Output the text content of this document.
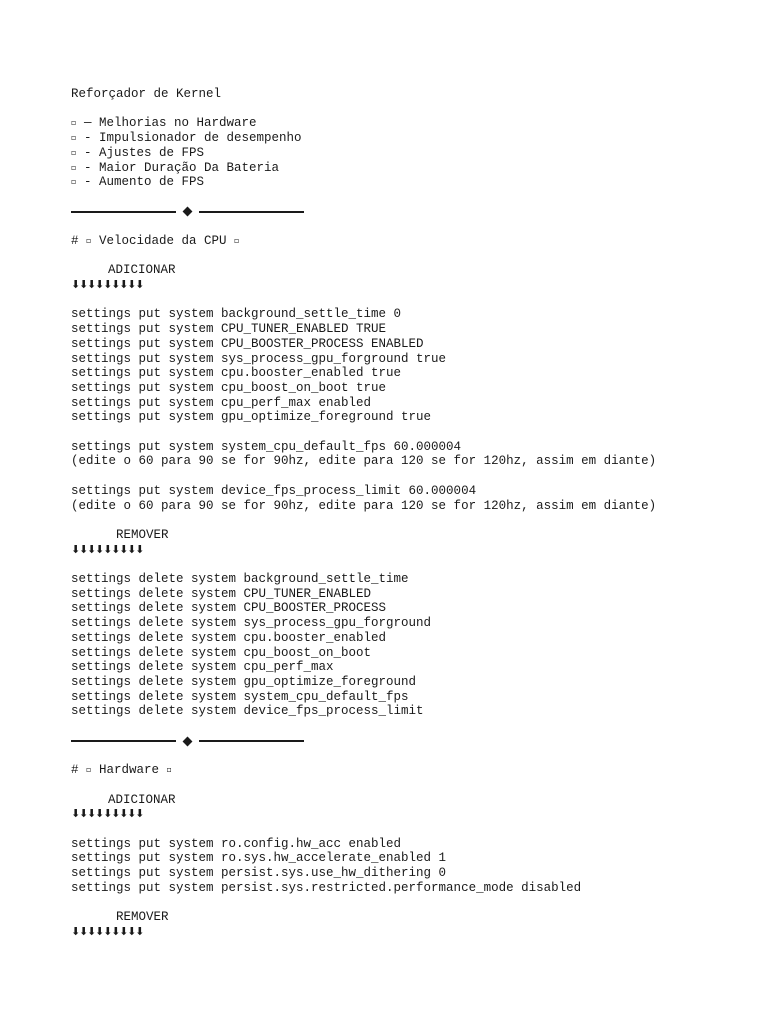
Reforçador de Kernel
▫ — Melhorias no Hardware
▫ - Impulsionador de desempenho
▫ - Ajustes de FPS
▫ - Maior Duração Da Bateria
▫ - Aumento de FPS
# ▫ Velocidade da CPU ▫
ADICIONAR
⬇⬇⬇⬇⬇⬇⬇⬇⬇
settings put system background_settle_time 0
settings put system CPU_TUNER_ENABLED TRUE
settings put system CPU_BOOSTER_PROCESS ENABLED
settings put system sys_process_gpu_forground true
settings put system cpu.booster_enabled true
settings put system cpu_boost_on_boot true
settings put system cpu_perf_max enabled
settings put system gpu_optimize_foreground true
settings put system system_cpu_default_fps 60.000004
(edite o 60 para 90 se for 90hz, edite para 120 se for 120hz, assim em diante)
settings put system device_fps_process_limit 60.000004
(edite o 60 para 90 se for 90hz, edite para 120 se for 120hz, assim em diante)
REMOVER
⬇⬇⬇⬇⬇⬇⬇⬇⬇
settings delete system background_settle_time
settings delete system CPU_TUNER_ENABLED
settings delete system CPU_BOOSTER_PROCESS
settings delete system sys_process_gpu_forground
settings delete system cpu.booster_enabled
settings delete system cpu_boost_on_boot
settings delete system cpu_perf_max
settings delete system gpu_optimize_foreground
settings delete system system_cpu_default_fps
settings delete system device_fps_process_limit
# ▫ Hardware ▫
ADICIONAR
⬇⬇⬇⬇⬇⬇⬇⬇⬇
settings put system ro.config.hw_acc enabled
settings put system ro.sys.hw_accelerate_enabled 1
settings put system persist.sys.use_hw_dithering 0
settings put system persist.sys.restricted.performance_mode disabled
REMOVER
⬇⬇⬇⬇⬇⬇⬇⬇⬇
